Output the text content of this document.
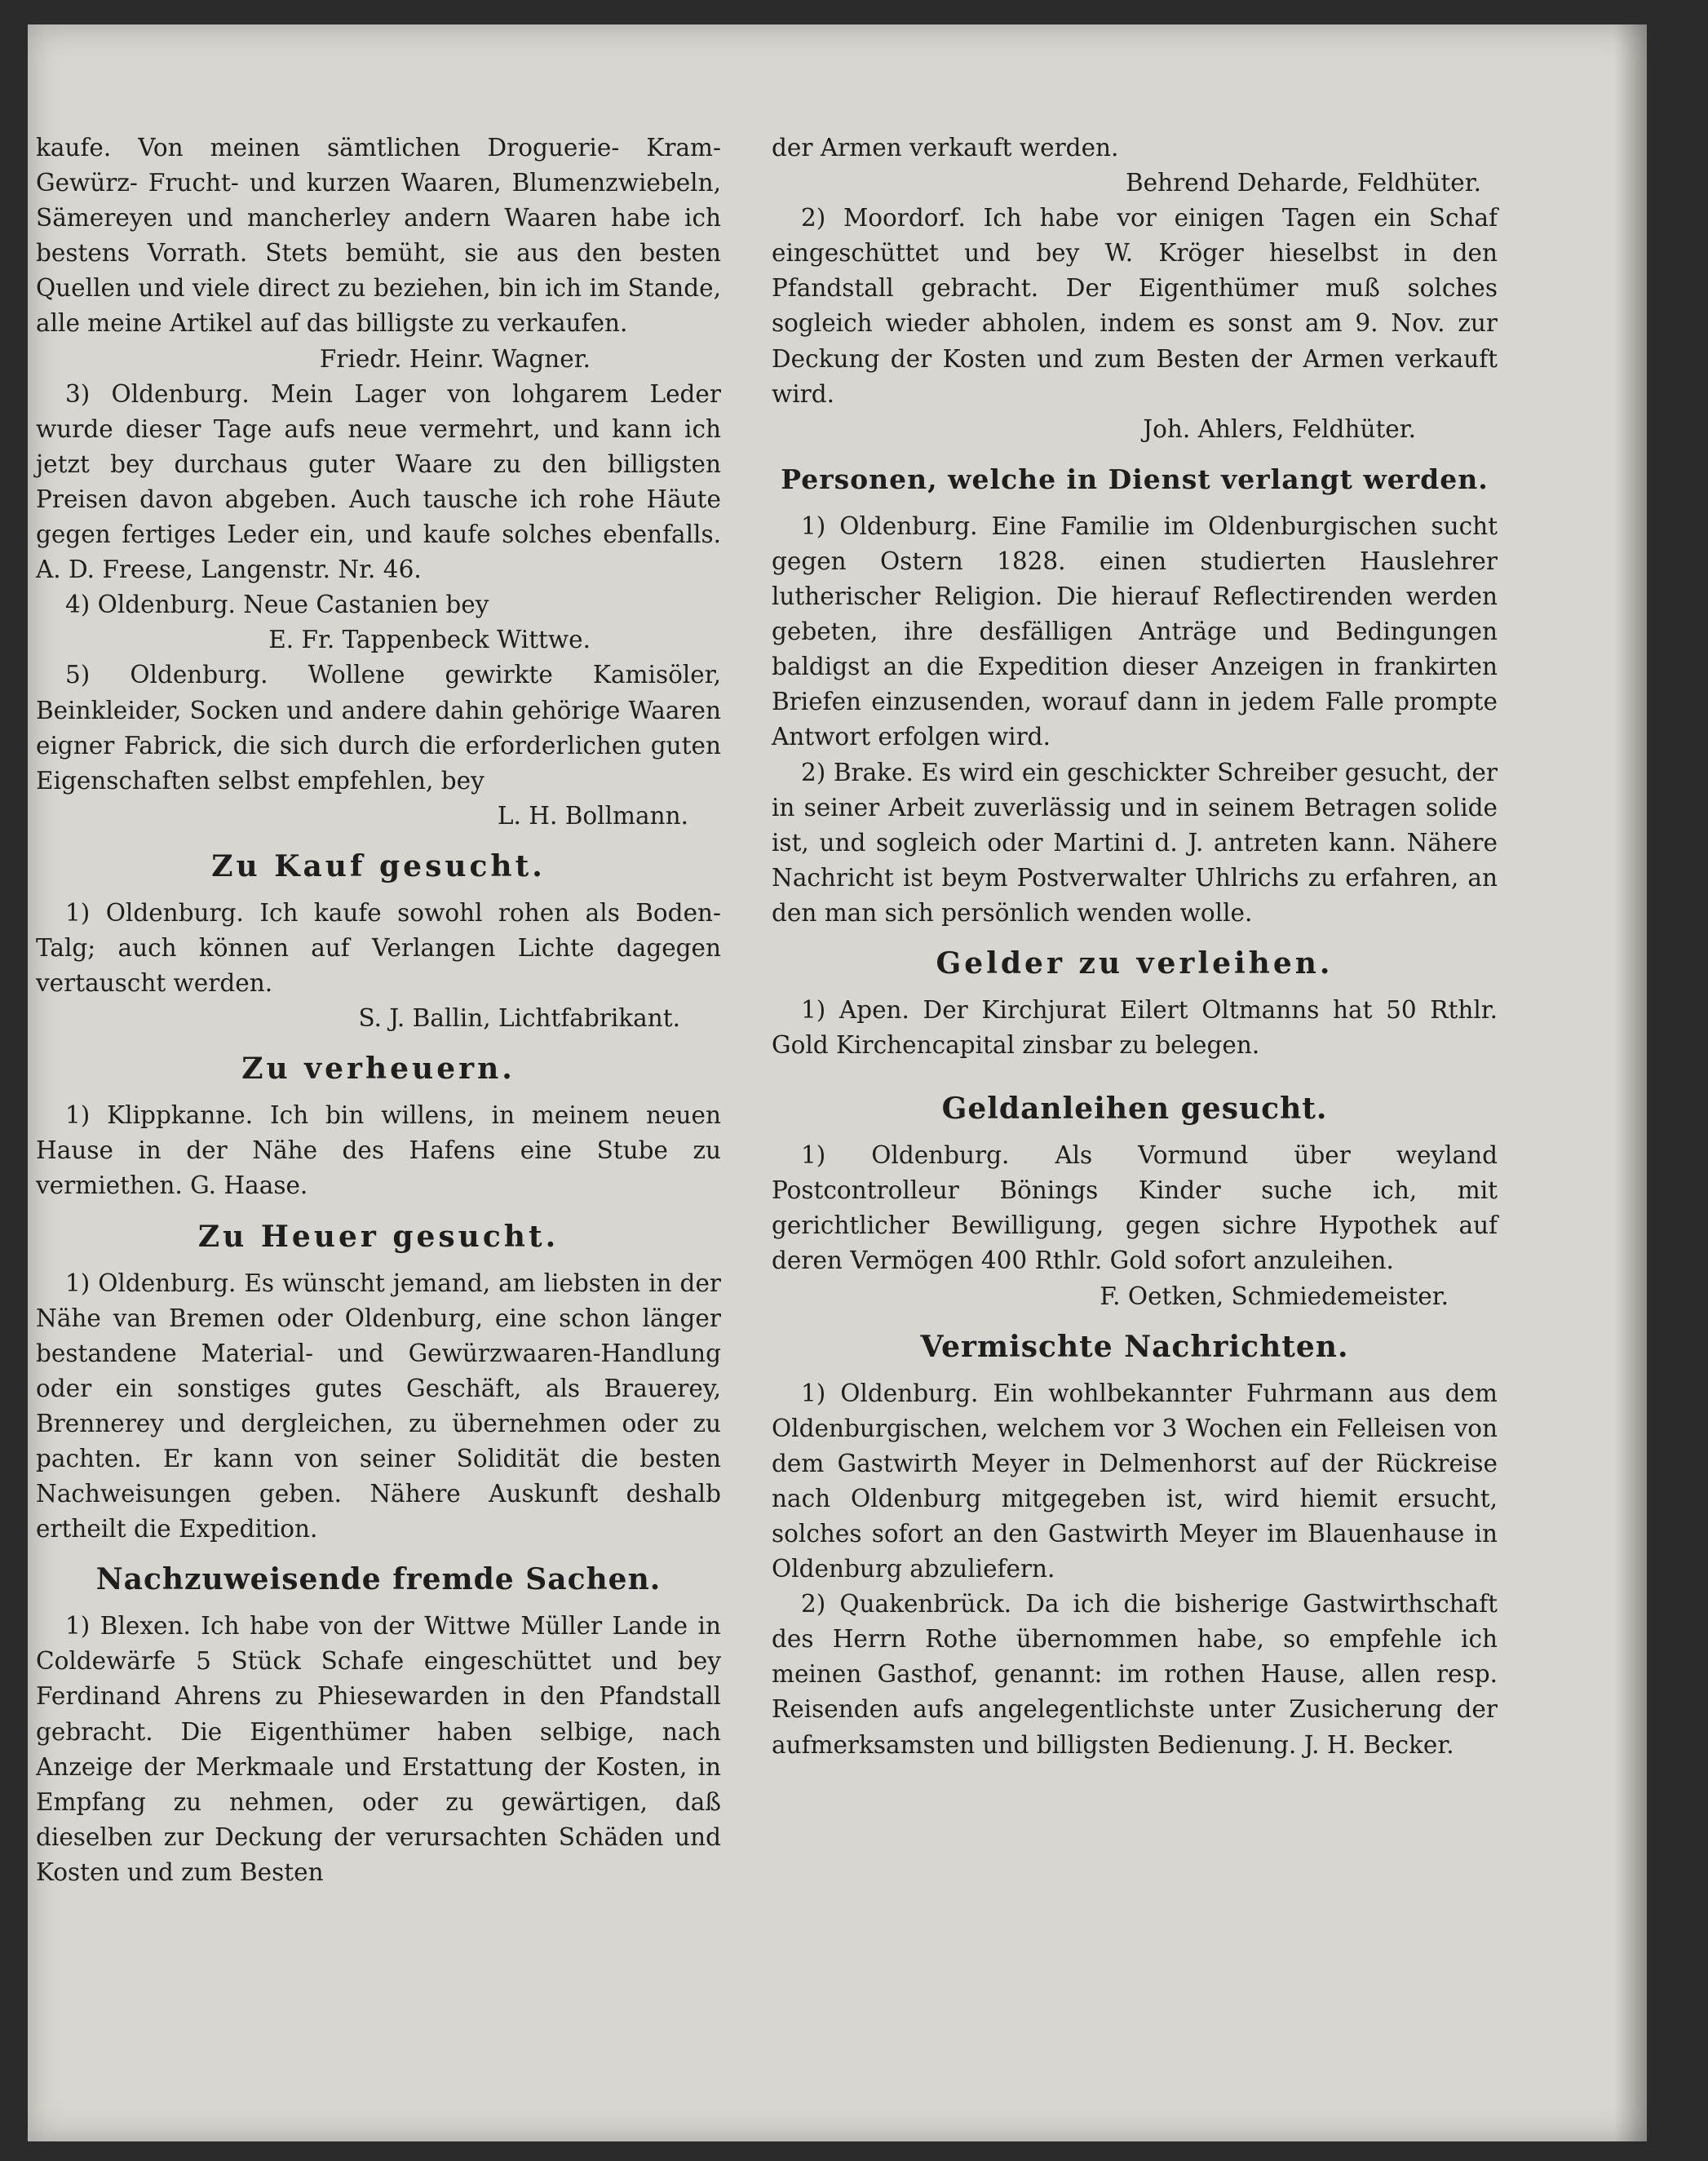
kaufe. Von meinen sämtlichen Droguerie- Kram- Gewürz- Frucht- und kurzen Waaren, Blumenzwiebeln, Sämereyen und mancherley andern Waaren habe ich bestens Vorrath. Stets bemüht, sie aus den besten Quellen und viele direct zu beziehen, bin ich im Stande, alle meine Artikel auf das billigste zu verkaufen.

Friedr. Heinr. Wagner.

3) Oldenburg. Mein Lager von lohgarem Leder wurde dieser Tage aufs neue vermehrt, und kann ich jetzt bey durchaus guter Waare zu den billigsten Preisen davon abgeben. Auch tausche ich rohe Häute gegen fertiges Leder ein, und kaufe solches ebenfalls. A. D. Freese, Langenstr. Nr. 46.

4) Oldenburg. Neue Castanien bey

E. Fr. Tappenbeck Wittwe.

5) Oldenburg. Wollene gewirkte Kamisöler, Beinkleider, Socken und andere dahin gehörige Waaren eigner Fabrick, die sich durch die erforderlichen guten Eigenschaften selbst empfehlen, bey

L. H. Bollmann.

Zu Kauf gesucht.

1) Oldenburg. Ich kaufe sowohl rohen als Boden-Talg; auch können auf Verlangen Lichte dagegen vertauscht werden.

S. J. Ballin, Lichtfabrikant.

Zu verheuern.

1) Klippkanne. Ich bin willens, in meinem neuen Hause in der Nähe des Hafens eine Stube zu vermiethen. G. Haase.

Zu Heuer gesucht.

1) Oldenburg. Es wünscht jemand, am liebsten in der Nähe van Bremen oder Oldenburg, eine schon länger bestandene Material- und Gewürzwaaren-Handlung oder ein sonstiges gutes Geschäft, als Brauerey, Brennerey und dergleichen, zu übernehmen oder zu pachten. Er kann von seiner Solidität die besten Nachweisungen geben. Nähere Auskunft deshalb ertheilt die Expedition.

Nachzuweisende fremde Sachen.

1) Blexen. Ich habe von der Wittwe Müller Lande in Coldewärfe 5 Stück Schafe eingeschüttet und bey Ferdinand Ahrens zu Phiesewarden in den Pfandstall gebracht. Die Eigenthümer haben selbige, nach Anzeige der Merkmaale und Erstattung der Kosten, in Empfang zu nehmen, oder zu gewärtigen, daß dieselben zur Deckung der verursachten Schäden und Kosten und zum Besten

der Armen verkauft werden.

Behrend Deharde, Feldhüter.

2) Moordorf. Ich habe vor einigen Tagen ein Schaf eingeschüttet und bey W. Kröger hieselbst in den Pfandstall gebracht. Der Eigenthümer muß solches sogleich wieder abholen, indem es sonst am 9. Nov. zur Deckung der Kosten und zum Besten der Armen verkauft wird.

Joh. Ahlers, Feldhüter.

Personen, welche in Dienst verlangt werden.

1) Oldenburg. Eine Familie im Oldenburgischen sucht gegen Ostern 1828. einen studierten Hauslehrer lutherischer Religion. Die hierauf Reflectirenden werden gebeten, ihre desfälligen Anträge und Bedingungen baldigst an die Expedition dieser Anzeigen in frankirten Briefen einzusenden, worauf dann in jedem Falle prompte Antwort erfolgen wird.

2) Brake. Es wird ein geschickter Schreiber gesucht, der in seiner Arbeit zuverlässig und in seinem Betragen solide ist, und sogleich oder Martini d. J. antreten kann. Nähere Nachricht ist beym Postverwalter Uhlrichs zu erfahren, an den man sich persönlich wenden wolle.

Gelder zu verleihen.

1) Apen. Der Kirchjurat Eilert Oltmanns hat 50 Rthlr. Gold Kirchencapital zinsbar zu belegen.

Geldanleihen gesucht.

1) Oldenburg. Als Vormund über weyland Postcontrolleur Bönings Kinder suche ich, mit gerichtlicher Bewilligung, gegen sichre Hypothek auf deren Vermögen 400 Rthlr. Gold sofort anzuleihen.

F. Oetken, Schmiedemeister.

Vermischte Nachrichten.

1) Oldenburg. Ein wohlbekannter Fuhrmann aus dem Oldenburgischen, welchem vor 3 Wochen ein Felleisen von dem Gastwirth Meyer in Delmenhorst auf der Rückreise nach Oldenburg mitgegeben ist, wird hiemit ersucht, solches sofort an den Gastwirth Meyer im Blauenhause in Oldenburg abzuliefern.

2) Quakenbrück. Da ich die bisherige Gastwirthschaft des Herrn Rothe übernommen habe, so empfehle ich meinen Gasthof, genannt: im rothen Hause, allen resp. Reisenden aufs angelegentlichste unter Zusicherung der aufmerksamsten und billigsten Bedienung. J. H. Becker.
